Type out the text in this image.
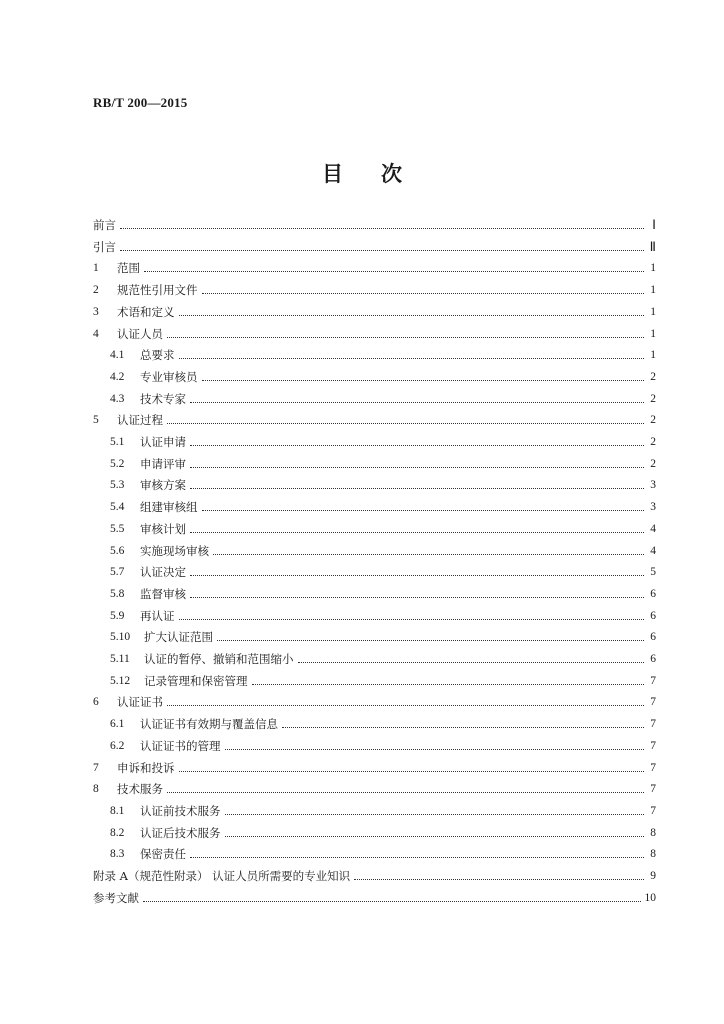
RB/T 200—2015
目次
前言	Ⅰ
引言	Ⅱ
1	范围	1
2	规范性引用文件	1
3	术语和定义	1
4	认证人员	1
4.1	总要求	1
4.2	专业审核员	2
4.3	技术专家	2
5	认证过程	2
5.1	认证申请	2
5.2	申请评审	2
5.3	审核方案	3
5.4	组建审核组	3
5.5	审核计划	4
5.6	实施现场审核	4
5.7	认证决定	5
5.8	监督审核	6
5.9	再认证	6
5.10	扩大认证范围	6
5.11	认证的暂停、撤销和范围缩小	6
5.12	记录管理和保密管理	7
6	认证证书	7
6.1	认证证书有效期与覆盖信息	7
6.2	认证证书的管理	7
7	申诉和投诉	7
8	技术服务	7
8.1	认证前技术服务	7
8.2	认证后技术服务	8
8.3	保密责任	8
附录 A（规范性附录） 认证人员所需要的专业知识	9
参考文献	10
